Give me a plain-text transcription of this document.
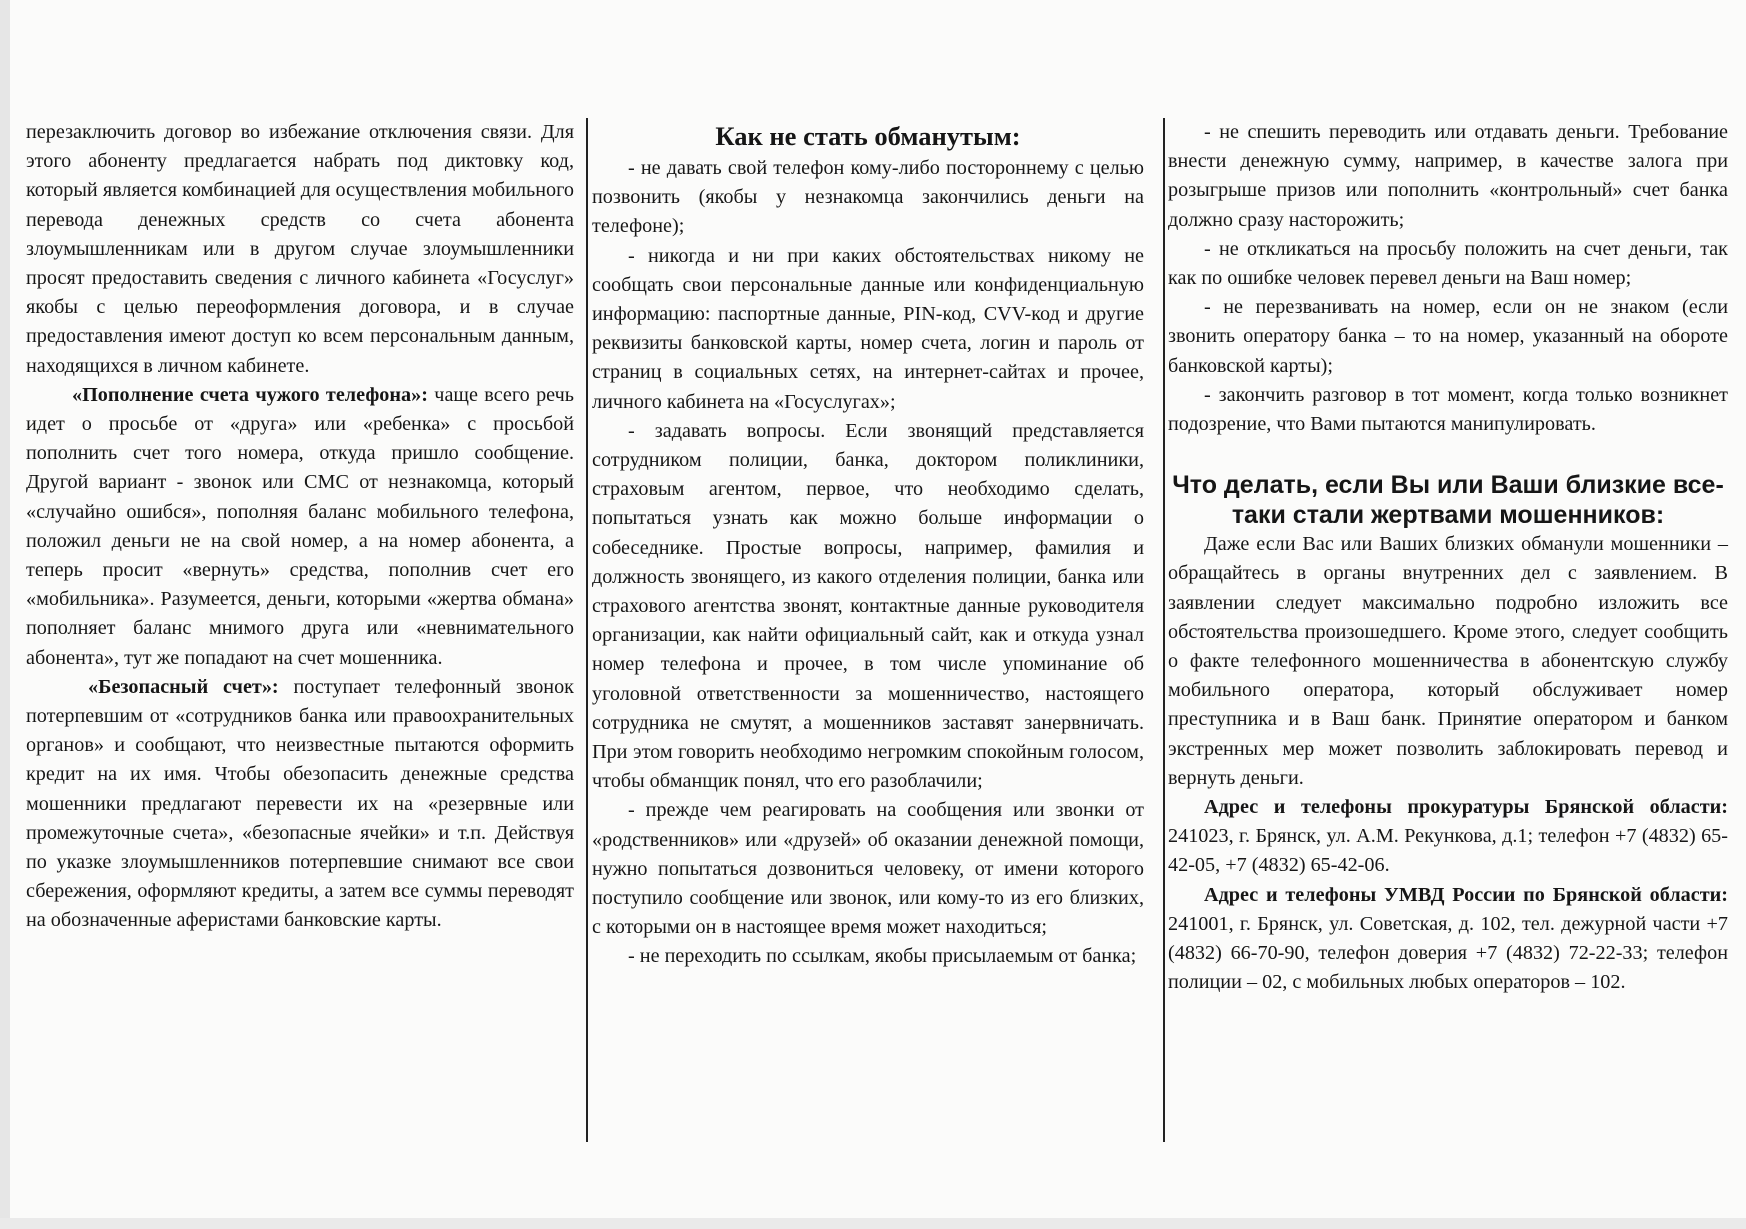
перезаключить договор во избежание отключения связи. Для этого абоненту предлагается набрать под диктовку код, который является комбинацией для осуществления мобильного перевода денежных средств со счета абонента злоумышленникам или в другом случае злоумышленники просят предоставить сведения с личного кабинета «Госуслуг» якобы с целью переоформления договора, и в случае предоставления имеют доступ ко всем персональным данным, находящихся в личном кабинете.

«Пополнение счета чужого телефона»: чаще всего речь идет о просьбе от «друга» или «ребенка» с просьбой пополнить счет того номера, откуда пришло сообщение. Другой вариант - звонок или СМС от незнакомца, который «случайно ошибся», пополняя баланс мобильного телефона, положил деньги не на свой номер, а на номер абонента, а теперь просит «вернуть» средства, пополнив счет его «мобильника». Разумеется, деньги, которыми «жертва обмана» пополняет баланс мнимого друга или «невнимательного абонента», тут же попадают на счет мошенника.

«Безопасный счет»: поступает телефонный звонок потерпевшим от «сотрудников банка или правоохранительных органов» и сообщают, что неизвестные пытаются оформить кредит на их имя. Чтобы обезопасить денежные средства мошенники предлагают перевести их на «резервные или промежуточные счета», «безопасные ячейки» и т.п. Действуя по указке злоумышленников потерпевшие снимают все свои сбережения, оформляют кредиты, а затем все суммы переводят на обозначенные аферистами банковские карты.

Как не стать обманутым:

- не давать свой телефон кому-либо постороннему с целью позвонить (якобы у незнакомца закончились деньги на телефоне);

- никогда и ни при каких обстоятельствах никому не сообщать свои персональные данные или конфиденциальную информацию: паспортные данные, PIN-код, CVV-код и другие реквизиты банковской карты, номер счета, логин и пароль от страниц в социальных сетях, на интернет-сайтах и прочее, личного кабинета на «Госуслугах»;

- задавать вопросы. Если звонящий представляется сотрудником полиции, банка, доктором поликлиники, страховым агентом, первое, что необходимо сделать, попытаться узнать как можно больше информации о собеседнике. Простые вопросы, например, фамилия и должность звонящего, из какого отделения полиции, банка или страхового агентства звонят, контактные данные руководителя организации, как найти официальный сайт, как и откуда узнал номер телефона и прочее, в том числе упоминание об уголовной ответственности за мошенничество, настоящего сотрудника не смутят, а мошенников заставят занервничать. При этом говорить необходимо негромким спокойным голосом, чтобы обманщик понял, что его разоблачили;

- прежде чем реагировать на сообщения или звонки от «родственников» или «друзей» об оказании денежной помощи, нужно попытаться дозвониться человеку, от имени которого поступило сообщение или звонок, или кому-то из его близких, с которыми он в настоящее время может находиться;

- не переходить по ссылкам, якобы присылаемым от банка;

- не спешить переводить или отдавать деньги. Требование внести денежную сумму, например, в качестве залога при розыгрыше призов или пополнить «контрольный» счет банка должно сразу насторожить;

- не откликаться на просьбу положить на счет деньги, так как по ошибке человек перевел деньги на Ваш номер;

- не перезванивать на номер, если он не знаком (если звонить оператору банка – то на номер, указанный на обороте банковской карты);

- закончить разговор в тот момент, когда только возникнет подозрение, что Вами пытаются манипулировать.

Что делать, если Вы или Ваши близкие все-таки стали жертвами мошенников:

Даже если Вас или Ваших близких обманули мошенники – обращайтесь в органы внутренних дел с заявлением. В заявлении следует максимально подробно изложить все обстоятельства произошедшего. Кроме этого, следует сообщить о факте телефонного мошенничества в абонентскую службу мобильного оператора, который обслуживает номер преступника и в Ваш банк. Принятие оператором и банком экстренных мер может позволить заблокировать перевод и вернуть деньги.

Адрес и телефоны прокуратуры Брянской области: 241023, г. Брянск, ул. А.М. Рекункова, д.1; телефон +7 (4832) 65-42-05, +7 (4832) 65-42-06.

Адрес и телефоны УМВД России по Брянской области: 241001, г. Брянск, ул. Советская, д. 102, тел. дежурной части +7 (4832) 66-70-90, телефон доверия +7 (4832) 72-22-33; телефон полиции – 02, с мобильных любых операторов – 102.
